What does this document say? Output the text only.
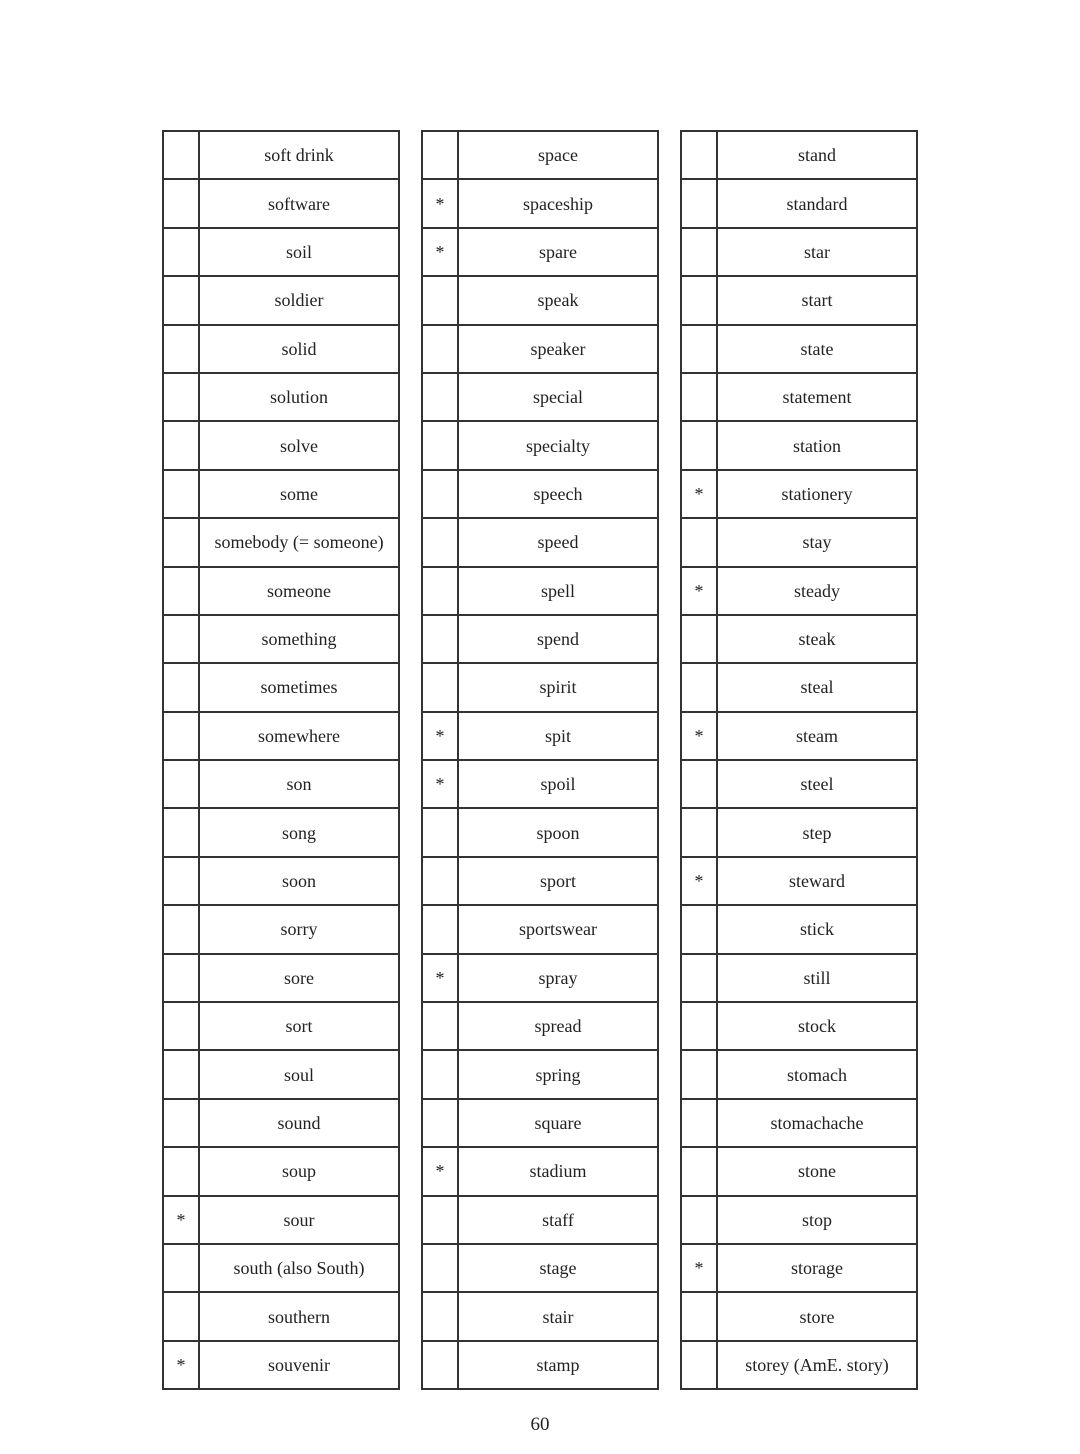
	soft drink
	software
	soil
	soldier
	solid
	solution
	solve
	some
	somebody (= someone)
	someone
	something
	sometimes
	somewhere
	son
	song
	soon
	sorry
	sore
	sort
	soul
	sound
	soup
*	sour
	south (also South)
	southern
*	souvenir
	space
*	spaceship
*	spare
	speak
	speaker
	special
	specialty
	speech
	speed
	spell
	spend
	spirit
*	spit
*	spoil
	spoon
	sport
	sportswear
*	spray
	spread
	spring
	square
*	stadium
	staff
	stage
	stair
	stamp
	stand
	standard
	star
	start
	state
	statement
	station
*	stationery
	stay
*	steady
	steak
	steal
*	steam
	steel
	step
*	steward
	stick
	still
	stock
	stomach
	stomachache
	stone
	stop
*	storage
	store
	storey (AmE. story)
60
